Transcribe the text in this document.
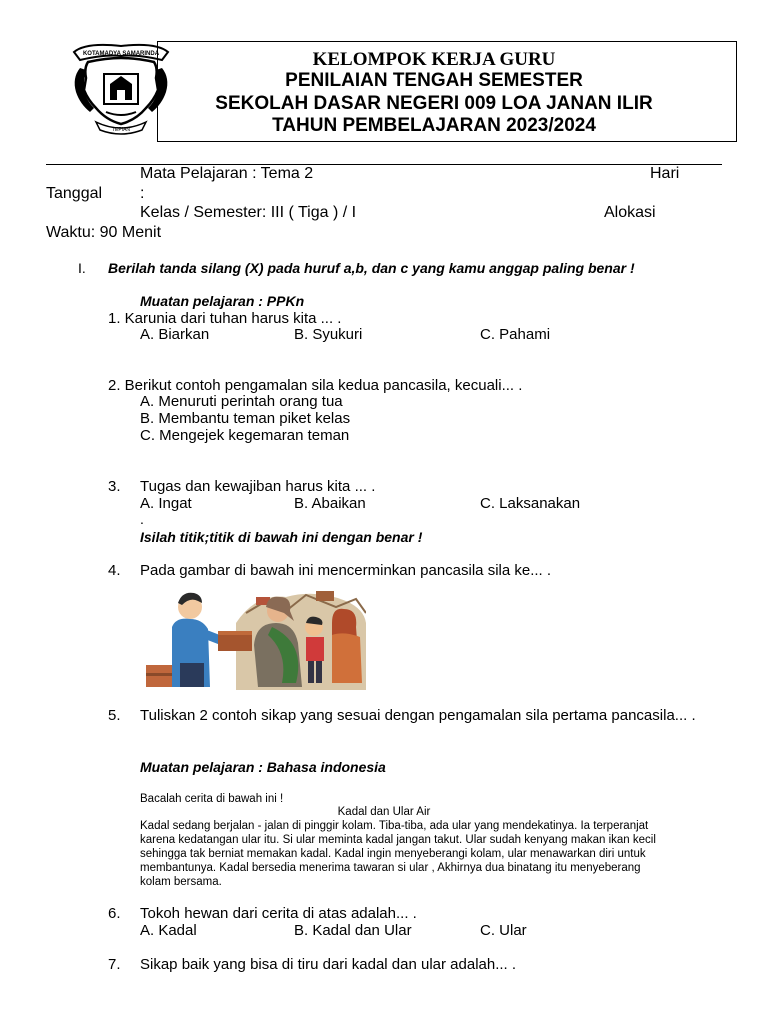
KOTAMADYA SAMARINDA
TEPIAN
KELOMPOK KERJA GURU
PENILAIAN TENGAH SEMESTER
SEKOLAH DASAR NEGERI 009 LOA JANAN ILIR
TAHUN PEMBELAJARAN 2023/2024
Mata Pelajaran : Tema 2	Hari
Tanggal :
Kelas / Semester: III ( Tiga ) / I	Alokasi
Waktu: 90 Menit
I. Berilah tanda silang (X) pada huruf a,b, dan c yang kamu anggap paling benar !
Muatan pelajaran : PPKn
1. Karunia dari tuhan harus kita ... .
A. Biarkan	B. Syukuri	C. Pahami
2. Berikut contoh pengamalan sila kedua pancasila, kecuali... .
A. Menuruti perintah orang tua
B. Membantu teman piket kelas
C. Mengejek kegemaran teman
3. Tugas dan kewajiban harus kita ... .
A. Ingat	B. Abaikan	C. Laksanakan
.
Isilah titik;titik di bawah ini dengan benar !
4. Pada gambar di bawah ini mencerminkan pancasila sila ke... .
5. Tuliskan 2 contoh sikap yang sesuai dengan pengamalan sila pertama pancasila... .
Muatan pelajaran : Bahasa indonesia
Bacalah cerita di bawah ini !
Kadal dan Ular Air
Kadal sedang berjalan - jalan di pinggir kolam. Tiba-tiba, ada ular yang mendekatinya. Ia terperanjat
karena kedatangan ular itu. Si ular meminta kadal jangan takut. Ular sudah kenyang makan ikan kecil
sehingga tak berniat memakan kadal. Kadal ingin menyeberangi kolam, ular menawarkan diri untuk
membantunya. Kadal bersedia menerima tawaran si ular , Akhirnya dua binatang itu menyeberang
kolam bersama.
6. Tokoh hewan dari cerita di atas adalah... .
A. Kadal	B. Kadal dan Ular	C. Ular
7. Sikap baik yang bisa di tiru dari kadal dan ular adalah... .
